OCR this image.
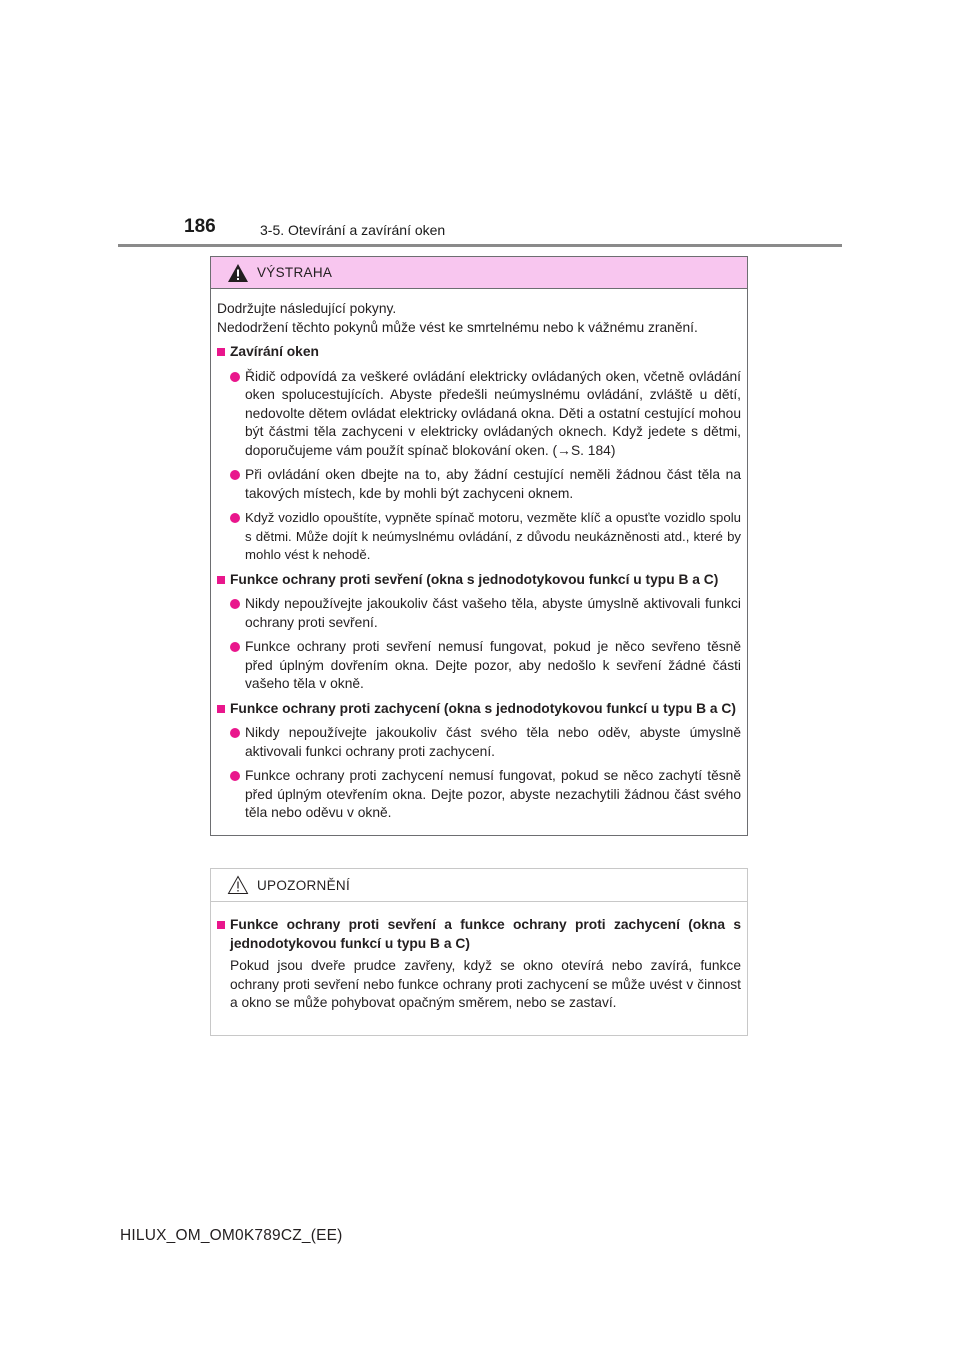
186	3-5. Otevírání a zavírání oken
VÝSTRAHA

Dodržujte následující pokyny.

Nedodržení těchto pokynů může vést ke smrtelnému nebo k vážnému zranění.

Zavírání oken
Řidič odpovídá za veškeré ovládání elektricky ovládaných oken, včetně ovládání oken spolucestujících. Abyste předešli neúmyslnému ovládání, zvláště u dětí, nedovolte dětem ovládat elektricky ovládaná okna. Děti a ostatní cestující mohou být částmi těla zachyceni v elektricky ovládaných oknech. Když jedete s dětmi, doporučujeme vám použít spínač blokování oken. (→S. 184)
Při ovládání oken dbejte na to, aby žádní cestující neměli žádnou část těla na takových místech, kde by mohli být zachyceni oknem.
Když vozidlo opouštíte, vypněte spínač motoru, vezměte klíč a opusťte vozidlo spolu s dětmi. Může dojít k neúmyslnému ovládání, z důvodu neukázněnosti atd., které by mohlo vést k nehodě.
Funkce ochrany proti sevření (okna s jednodotykovou funkcí u typu B a C)
Nikdy nepoužívejte jakoukoliv část vašeho těla, abyste úmyslně aktivovali funkci ochrany proti sevření.
Funkce ochrany proti sevření nemusí fungovat, pokud je něco sevřeno těsně před úplným dovřením okna. Dejte pozor, aby nedošlo k sevření žádné části vašeho těla v okně.
Funkce ochrany proti zachycení (okna s jednodotykovou funkcí u typu B a C)
Nikdy nepoužívejte jakoukoliv část svého těla nebo oděv, abyste úmyslně aktivovali funkci ochrany proti zachycení.
Funkce ochrany proti zachycení nemusí fungovat, pokud se něco zachytí těsně před úplným otevřením okna. Dejte pozor, abyste nezachytili žádnou část svého těla nebo oděvu v okně.
UPOZORNĚNÍ
Funkce ochrany proti sevření a funkce ochrany proti zachycení (okna s jednodotykovou funkcí u typu B a C)
Pokud jsou dveře prudce zavřeny, když se okno otevírá nebo zavírá, funkce ochrany proti sevření nebo funkce ochrany proti zachycení se může uvést v činnost a okno se může pohybovat opačným směrem, nebo se zastaví.
HILUX_OM_OM0K789CZ_(EE)
